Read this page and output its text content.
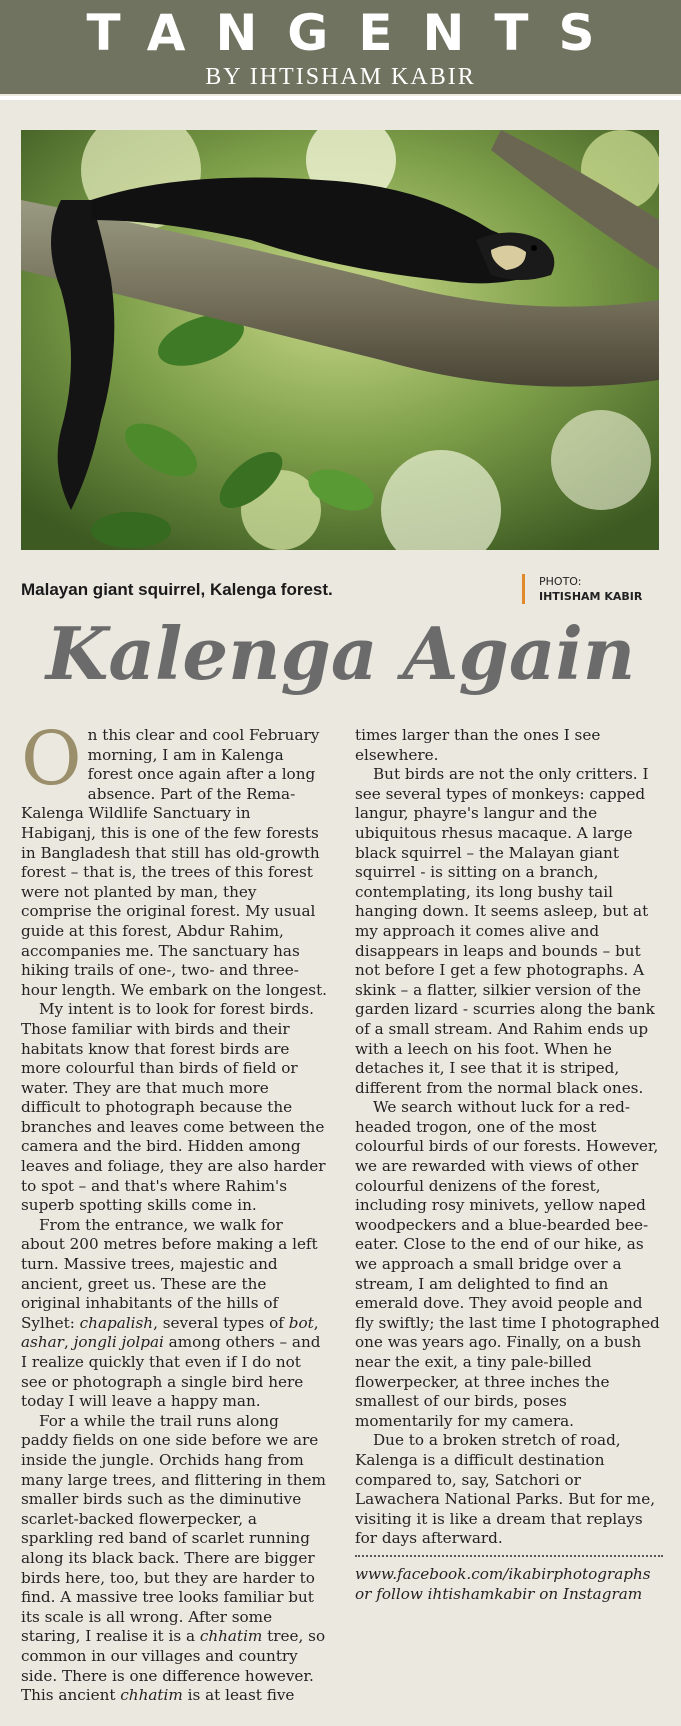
TANGENTS
BY IHTISHAM KABIR
Malayan giant squirrel, Kalenga forest.	PHOTO:
IHTISHAM KABIR
Kalenga Again

On this clear and cool February morning, I am in Kalenga forest once again after a long absence. Part of the Rema-Kalenga Wildlife Sanctuary in Habiganj, this is one of the few forests in Bangladesh that still has old-growth forest – that is, the trees of this forest were not planted by man, they comprise the original forest. My usual guide at this forest, Abdur Rahim, accompanies me. The sanctuary has hiking trails of one-, two- and three-hour length. We embark on the longest.

My intent is to look for forest birds. Those familiar with birds and their habitats know that forest birds are more colourful than birds of field or water. They are that much more difficult to photograph because the branches and leaves come between the camera and the bird. Hidden among leaves and foliage, they are also harder to spot – and that's where Rahim's superb spotting skills come in.

From the entrance, we walk for about 200 metres before making a left turn. Massive trees, majestic and ancient, greet us. These are the original inhabitants of the hills of Sylhet: chapalish, several types of bot, ashar, jongli jolpai among others – and I realize quickly that even if I do not see or photograph a single bird here today I will leave a happy man.

For a while the trail runs along paddy fields on one side before we are inside the jungle. Orchids hang from many large trees, and flittering in them smaller birds such as the diminutive scarlet-backed flowerpecker, a sparkling red band of scarlet running along its black back. There are bigger birds here, too, but they are harder to find. A massive tree looks familiar but its scale is all wrong. After some staring, I realise it is a chhatim tree, so common in our villages and country side. There is one difference however. This ancient chhatim is at least five times larger than the ones I see elsewhere.

But birds are not the only critters. I see several types of monkeys: capped langur, phayre's langur and the ubiquitous rhesus macaque. A large black squirrel – the Malayan giant squirrel - is sitting on a branch, contemplating, its long bushy tail hanging down. It seems asleep, but at my approach it comes alive and disappears in leaps and bounds – but not before I get a few photographs. A skink – a flatter, silkier version of the garden lizard - scurries along the bank of a small stream. And Rahim ends up with a leech on his foot. When he detaches it, I see that it is striped, different from the normal black ones.

We search without luck for a red-headed trogon, one of the most colourful birds of our forests. However, we are rewarded with views of other colourful denizens of the forest, including rosy minivets, yellow naped woodpeckers and a blue-bearded bee-eater. Close to the end of our hike, as we approach a small bridge over a stream, I am delighted to find an emerald dove. They avoid people and fly swiftly; the last time I photographed one was years ago. Finally, on a bush near the exit, a tiny pale-billed flowerpecker, at three inches the smallest of our birds, poses momentarily for my camera.

Due to a broken stretch of road, Kalenga is a difficult destination compared to, say, Satchori or Lawachera National Parks. But for me, visiting it is like a dream that replays for days afterward.

www.facebook.com/ikabirphotographs or follow ihtishamkabir on Instagram
